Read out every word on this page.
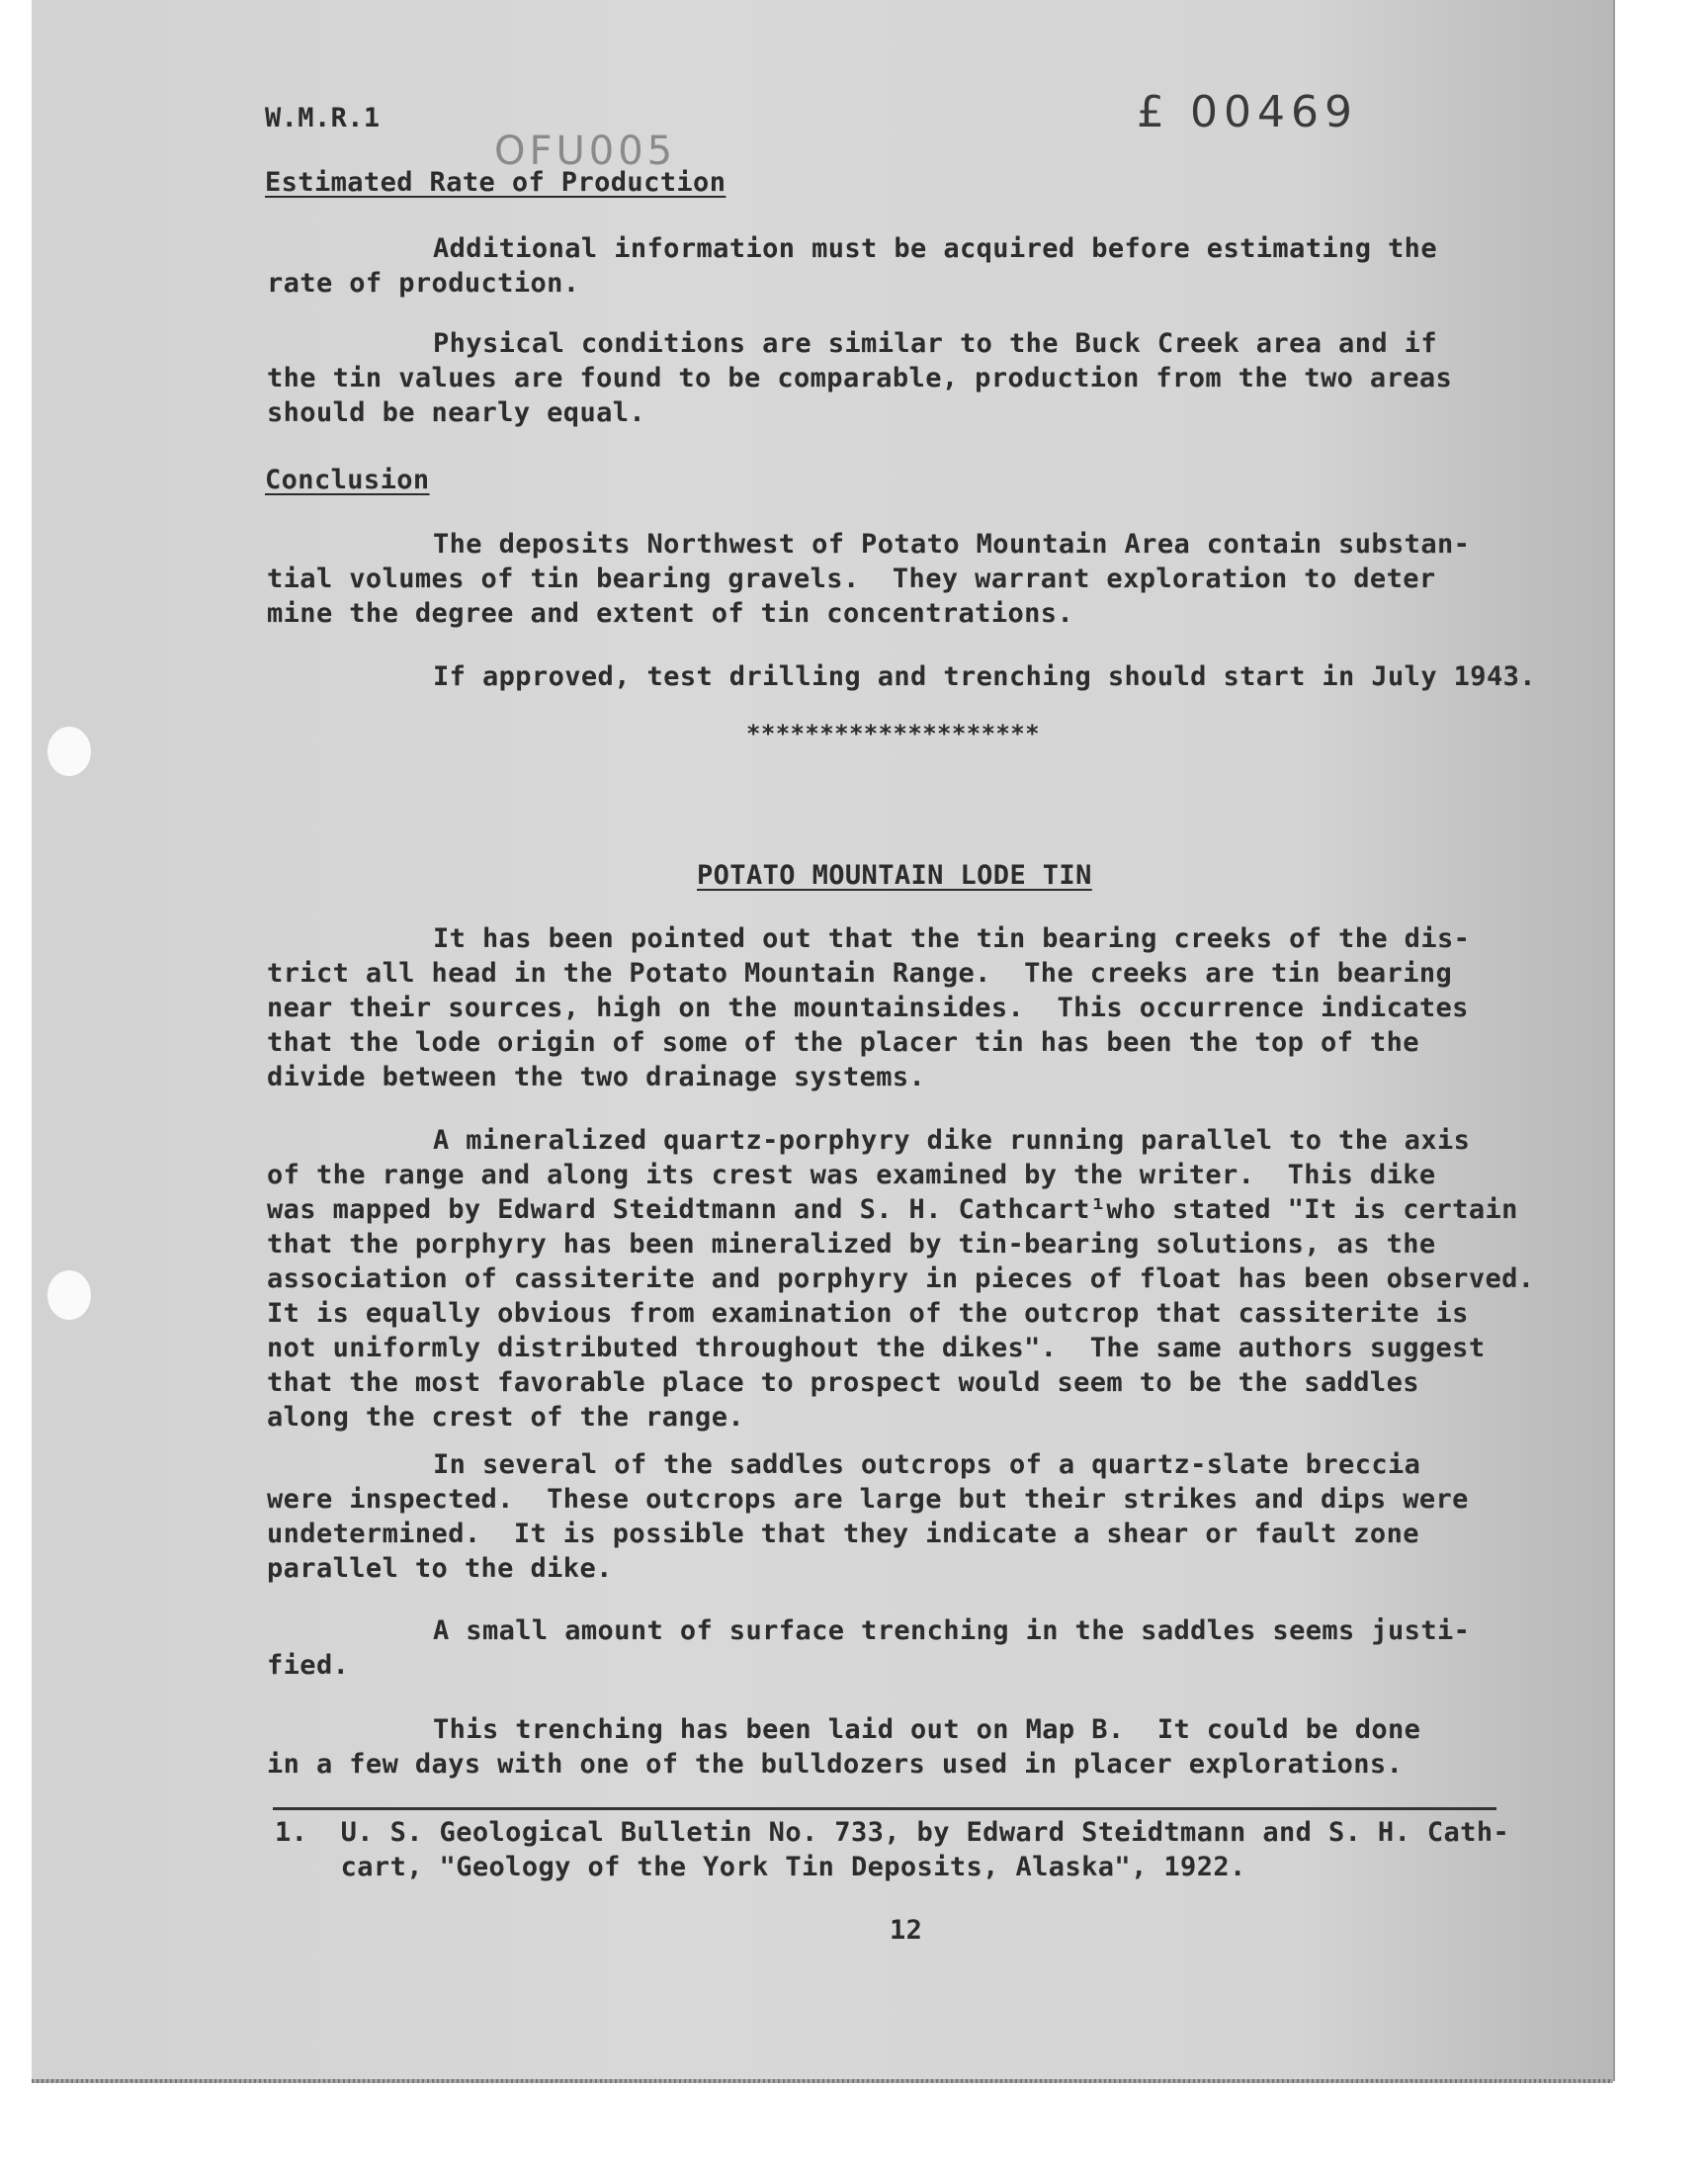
W.M.R.1
OFU005
£ 00469
Estimated Rate of Production
Additional information must be acquired before estimating the
rate of production.
Physical conditions are similar to the Buck Creek area and if
the tin values are found to be comparable, production from the two areas
should be nearly equal.
Conclusion
The deposits Northwest of Potato Mountain Area contain substan-
tial volumes of tin bearing gravels.  They warrant exploration to deter
mine the degree and extent of tin concentrations.
If approved, test drilling and trenching should start in July 1943.
********************
POTATO MOUNTAIN LODE TIN
It has been pointed out that the tin bearing creeks of the dis-
trict all head in the Potato Mountain Range.  The creeks are tin bearing
near their sources, high on the mountainsides.  This occurrence indicates
that the lode origin of some of the placer tin has been the top of the
divide between the two drainage systems.
A mineralized quartz-porphyry dike running parallel to the axis
of the range and along its crest was examined by the writer.  This dike
was mapped by Edward Steidtmann and S. H. Cathcart¹who stated "It is certain
that the porphyry has been mineralized by tin-bearing solutions, as the
association of cassiterite and porphyry in pieces of float has been observed.
It is equally obvious from examination of the outcrop that cassiterite is
not uniformly distributed throughout the dikes".  The same authors suggest
that the most favorable place to prospect would seem to be the saddles
along the crest of the range.
In several of the saddles outcrops of a quartz-slate breccia
were inspected.  These outcrops are large but their strikes and dips were
undetermined.  It is possible that they indicate a shear or fault zone
parallel to the dike.
A small amount of surface trenching in the saddles seems justi-
fied.
This trenching has been laid out on Map B.  It could be done
in a few days with one of the bulldozers used in placer explorations.
1.  U. S. Geological Bulletin No. 733, by Edward Steidtmann and S. H. Cath-
cart, "Geology of the York Tin Deposits, Alaska", 1922.
12
